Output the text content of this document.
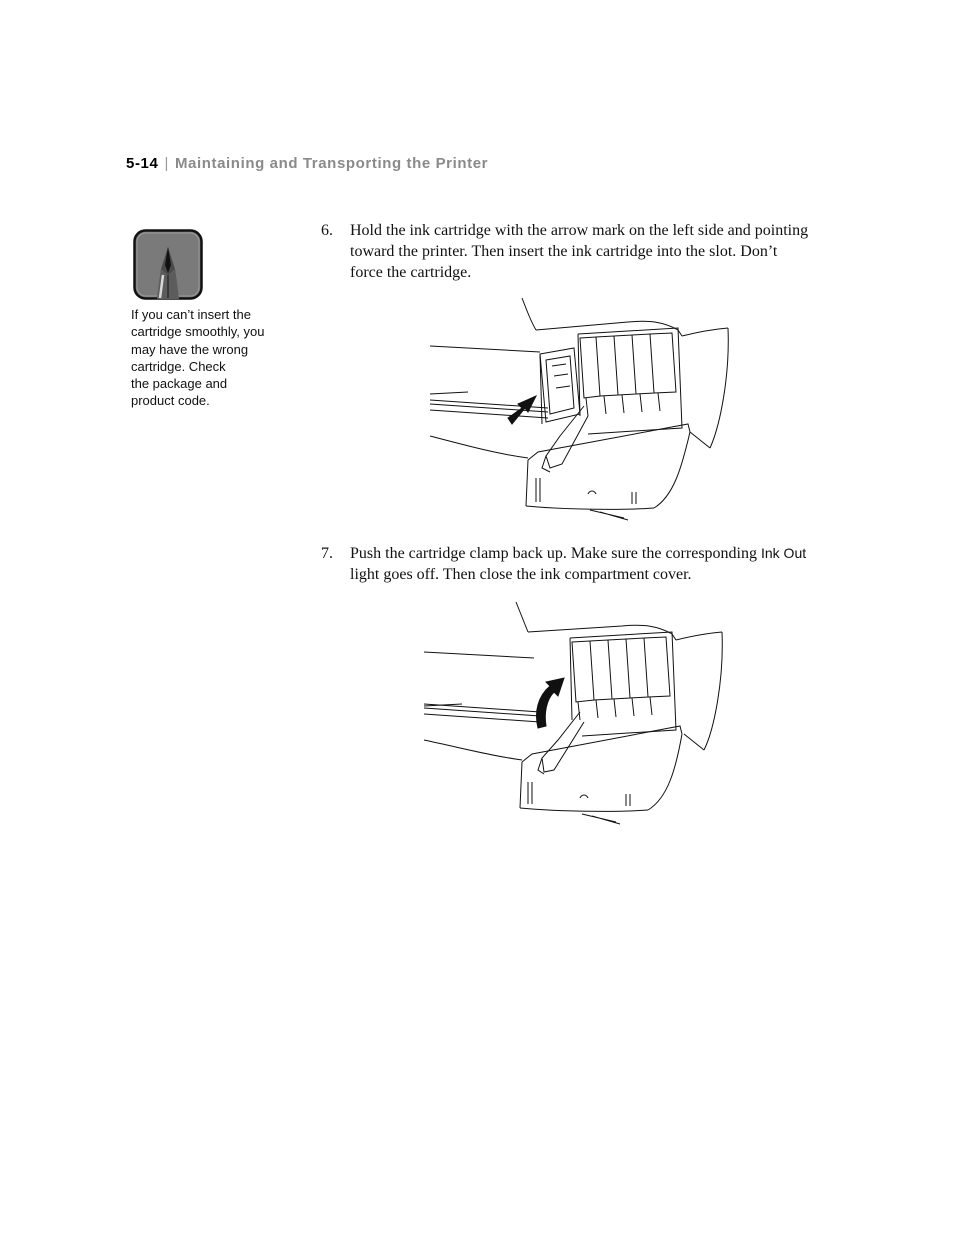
5-14 | Maintaining and Transporting the Printer
If you can’t insert the
cartridge smoothly, you
may have the wrong
cartridge. Check
the package and
product code.
6. Hold the ink cartridge with the arrow mark on the left side and pointing
toward the printer. Then insert the ink cartridge into the slot. Don’t
force the cartridge.
7. Push the cartridge clamp back up. Make sure the corresponding Ink Out
light goes off. Then close the ink compartment cover.
